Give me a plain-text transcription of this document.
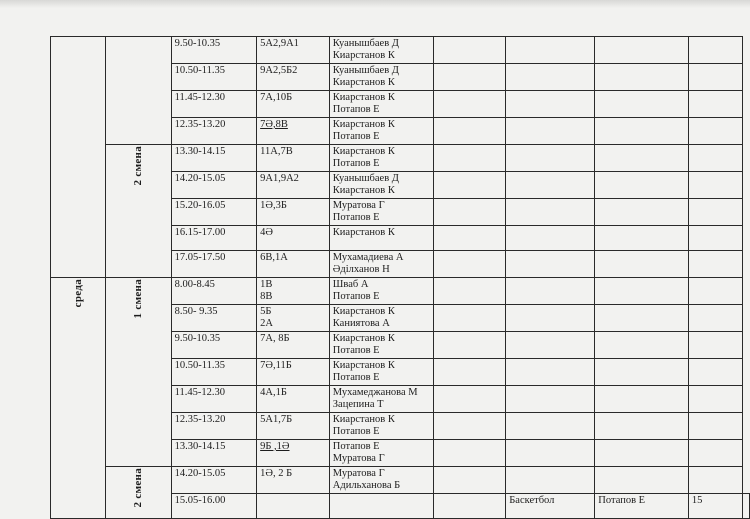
		9.50-10.35	5А2,9А1	Куанышбаев Д
Киарстанов К					

		10.50-11.35	9А2,5Б2	Куанышбаев Д
Киарстанов К					

		11.45-12.30	7А,10Б	Киарстанов К
Потапов Е					

		12.35-13.20	7Ә,8В	Киарстанов К
Потапов Е					

	2 смена	13.30-14.15	11А,7В	Киарстанов К
Потапов Е					

		14.20-15.05	9А1,9А2	Куанышбаев Д
Киарстанов К					

		15.20-16.05	1Ә,3Б	Муратова Г
Потапов Е					

		16.15-17.00	4Ә	Киарстанов К					

		17.05-17.50	6В,1А	Мухамадиева А
Әділханов Н					

среда	1 смена	8.00-8.45	1В
8В	Шваб А
Потапов Е					

		8.50- 9.35	5Б
2А	Киарстанов К
Каниятова А					

		9.50-10.35	7А, 8Б	Киарстанов К
Потапов Е					

		10.50-11.35	7Ә,11Б	Киарстанов К
Потапов Е					

		11.45-12.30	4А,1Б	Мухамеджанова М
Зацепина Т					

		12.35-13.20	5А1,7Б	Киарстанов К
Потапов Е					

		13.30-14.15	9Б ,1Ә	Потапов Е
Муратова Г					

	2 смена	14.20-15.05	1Ә, 2 Б	Муратова Г
Адильханова Б					

		15.05-16.00				Баскетбол	Потапов Е	15	
